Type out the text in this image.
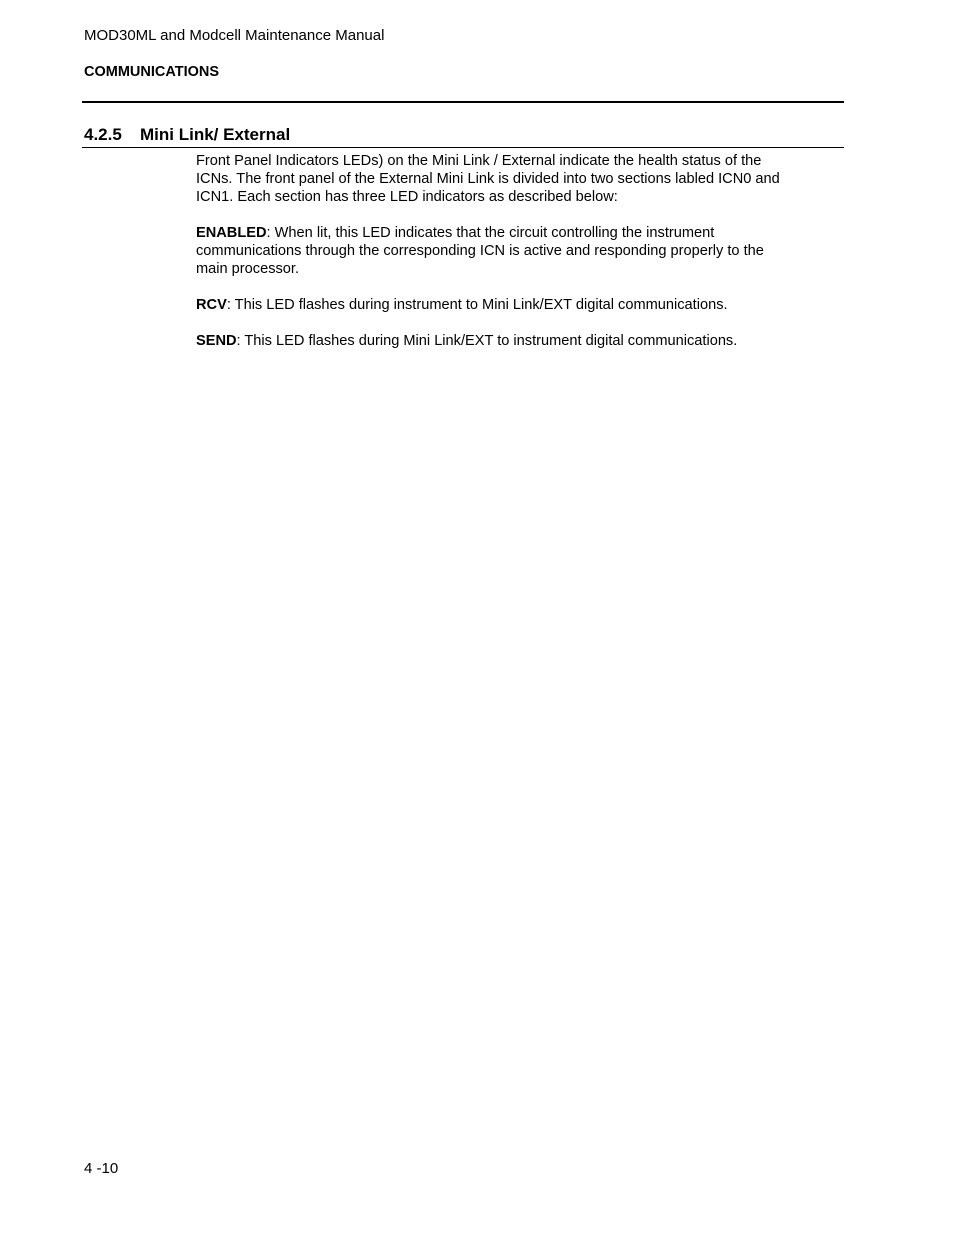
MOD30ML and Modcell Maintenance Manual
COMMUNICATIONS
4.2.5 Mini Link/ External

Front Panel Indicators LEDs) on the Mini Link / External indicate the health status of the
ICNs. The front panel of the External Mini Link is divided into two sections labled ICN0 and
ICN1. Each section has three LED indicators as described below:

ENABLED: When lit, this LED indicates that the circuit controlling the instrument
communications through the corresponding ICN is active and responding properly to the
main processor.

RCV: This LED flashes during instrument to Mini Link/EXT digital communications.

SEND: This LED flashes during Mini Link/EXT to instrument digital communications.

4 -10
